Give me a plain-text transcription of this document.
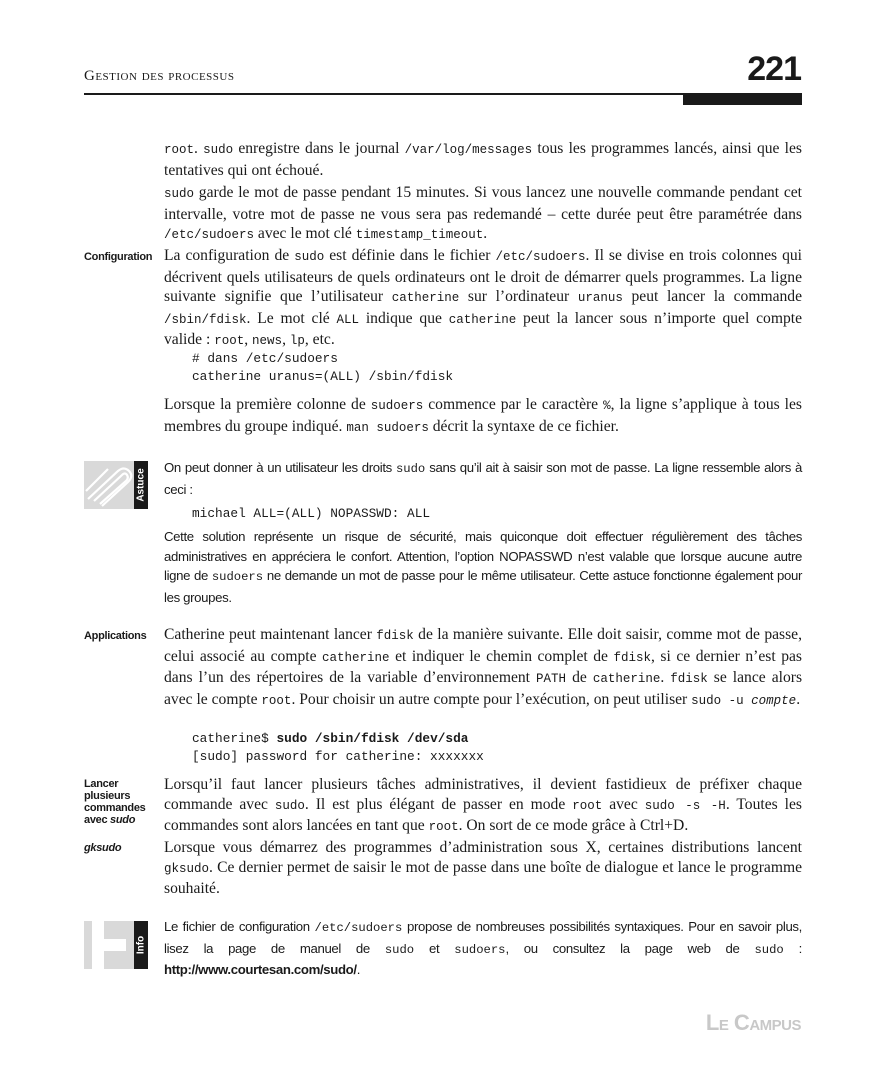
Gestion des processus	221

root. sudo enregistre dans le journal /var/log/messages tous les programmes lancés, ainsi que les tentatives qui ont échoué.

sudo garde le mot de passe pendant 15 minutes. Si vous lancez une nouvelle commande pendant cet intervalle, votre mot de passe ne vous sera pas redemandé – cette durée peut être paramétrée dans /etc/sudoers avec le mot clé timestamp_timeout.

Configuration La configuration de sudo est définie dans le fichier /etc/sudoers. Il se divise en trois colonnes qui décrivent quels utilisateurs de quels ordinateurs ont le droit de démarrer quels programmes. La ligne suivante signifie que l’utilisateur catherine sur l’ordinateur uranus peut lancer la commande /sbin/fdisk. Le mot clé ALL indique que catherine peut la lancer sous n’importe quel compte valide : root, news, lp, etc.

# dans /etc/sudoers
catherine uranus=(ALL) /sbin/fdisk

Lorsque la première colonne de sudoers commence par le caractère %, la ligne s’applique à tous les membres du groupe indiqué. man sudoers décrit la syntaxe de ce fichier.

Astuce
On peut donner à un utilisateur les droits sudo sans qu’il ait à saisir son mot de passe. La ligne ressemble alors à ceci :
michael ALL=(ALL) NOPASSWD: ALL
Cette solution représente un risque de sécurité, mais quiconque doit effectuer régulièrement des tâches administratives en appréciera le confort. Attention, l’option NOPASSWD n’est valable que lorsque aucune autre ligne de sudoers ne demande un mot de passe pour le même utilisateur. Cette astuce fonctionne également pour les groupes.
Applications	Catherine peut maintenant lancer fdisk de la manière suivante. Elle doit saisir, comme mot de passe, celui associé au compte catherine et indiquer le chemin complet de fdisk, si ce dernier n’est pas dans l’un des répertoires de la variable d’environnement PATH de catherine. fdisk se lance alors avec le compte root. Pour choisir un autre compte pour l’exécution, on peut utiliser sudo -u compte.

catherine$ sudo /sbin/fdisk /dev/sda
[sudo] password for catherine: xxxxxxx
Lancer plusieurs commandes avec sudo

Lorsqu’il faut lancer plusieurs tâches administratives, il devient fastidieux de préfixer chaque commande avec sudo. Il est plus élégant de passer en mode root avec sudo -s -H. Toutes les commandes sont alors lancées en tant que root. On sort de ce mode grâce à Ctrl+D.

gksudo	Lorsque vous démarrez des programmes d’administration sous X, certaines distributions lancent gksudo. Ce dernier permet de saisir le mot de passe dans une boîte de dialogue et lance le programme souhaité.

Info
Le fichier de configuration /etc/sudoers propose de nombreuses possibilités syntaxiques. Pour en savoir plus, lisez la page de manuel de sudo et sudoers, ou consultez la page web de sudo : http://www.courtesan.com/sudo/.
Le Campus
